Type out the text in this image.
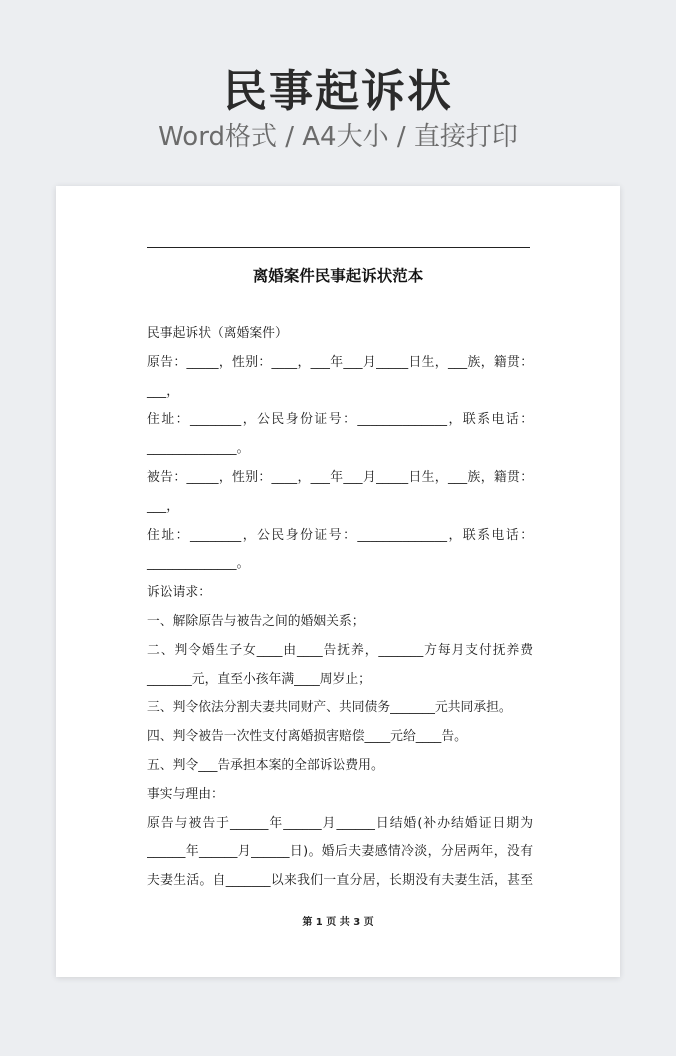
民事起诉状
Word格式 / A4大小 / 直接打印
离婚案件民事起诉状范本
民事起诉状（离婚案件）
原告：_____，性别：____，___年___月_____日生，___族，籍贯：
___，
住址：________，公民身份证号：______________，联系电话：
______________。
被告：_____，性别：____，___年___月_____日生，___族，籍贯：
___，
住址：________，公民身份证号：______________，联系电话：
______________。
诉讼请求：
一、解除原告与被告之间的婚姻关系；
二、判令婚生子女____由____告抚养，_______方每月支付抚养费
_______元，直至小孩年满____周岁止；
三、判令依法分割夫妻共同财产、共同债务_______元共同承担。
四、判令被告一次性支付离婚损害赔偿____元给____告。
五、判令___告承担本案的全部诉讼费用。
事实与理由：
原告与被告于______年______月______日结婚(补办结婚证日期为
______年______月______日)。婚后夫妻感情冷淡，分居两年，没有
夫妻生活。自_______以来我们一直分居，长期没有夫妻生活，甚至
第 1 页 共 3 页
